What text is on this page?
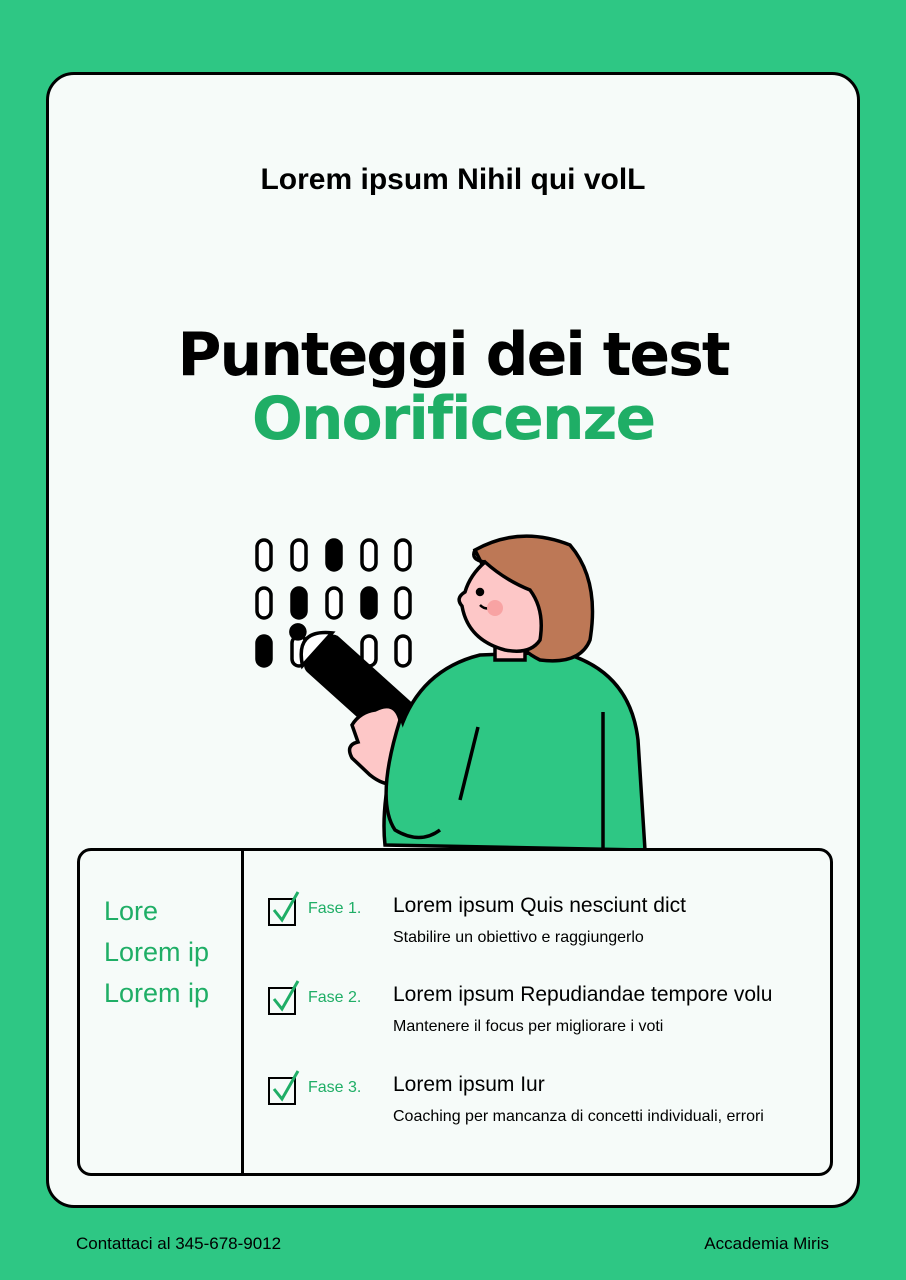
Lorem ipsum Nihil qui volL
Punteggi dei test
Onorificenze
Lore
Lorem ip
Lorem ip
Fase 1. Lorem ipsum Quis nesciunt dict
Stabilire un obiettivo e raggiungerlo
Fase 2. Lorem ipsum Repudiandae tempore volu
Mantenere il focus per migliorare i voti
Fase 3. Lorem ipsum Iur
Coaching per mancanza di concetti individuali, errori
Contattaci al 345-678-9012	Accademia Miris
